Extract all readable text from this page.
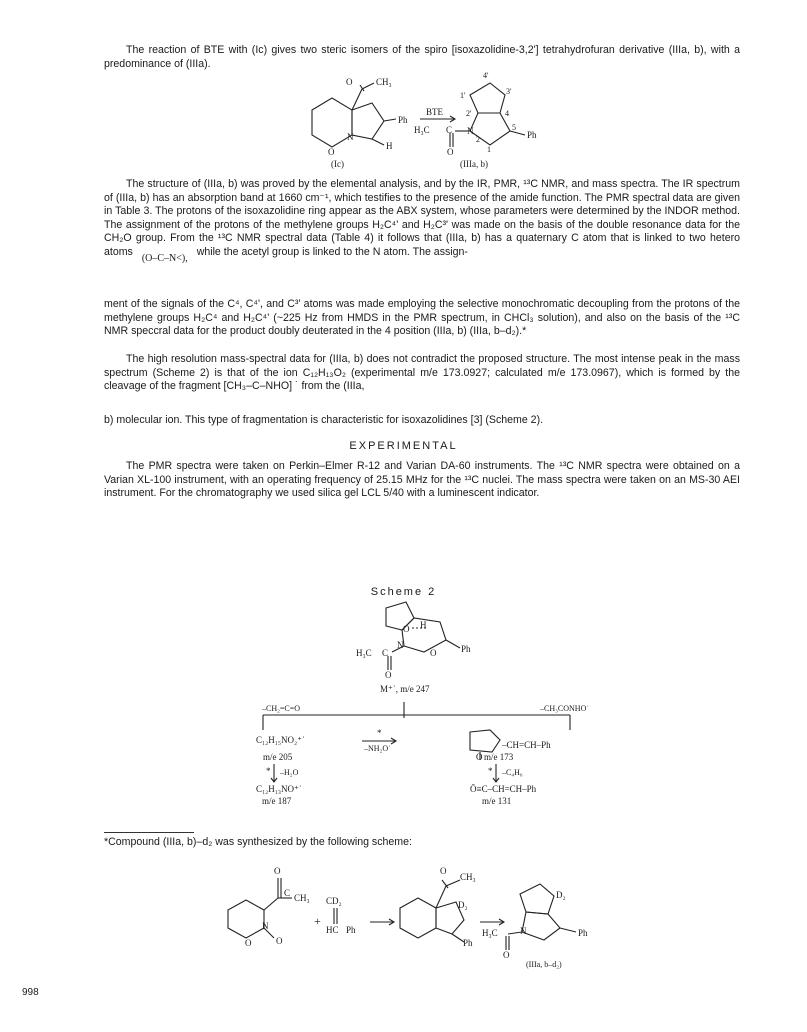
The reaction of BTE with (Ic) gives two steric isomers of the spiro [isoxazolidine-3,2'] tetrahydrofuran derivative (IIIa, b), with a predominance of (IIIa).
O	CH₃
Ph
N
O
H
BTE
H₃C C
O
N	Ph
4'
3'
1'
2'	4
5
2
1
(Ic)	(IIIa, b)
The structure of (IIIa, b) was proved by the elemental analysis, and by the IR, PMR, ¹³C NMR, and mass spectra. The IR spectrum of (IIIa, b) has an absorption band at 1660 cm⁻¹, which testifies to the presence of the amide function. The PMR spectral data are given in Table 3. The protons of the isoxazolidine ring appear as the ABX system, whose parameters were determined by the INDOR method. The assignment of the protons of the methylene groups H₂C⁴' and H₂C³' was made on the basis of the double resonance data for the CH₂O group. From the ¹³C NMR spectral data (Table 4) it follows that (IIIa, b) has a quaternary C atom that is linked to two hetero atoms (O–C–N<), while the acetyl group is linked to the N atom. The assign-
ment of the signals of the C⁴, C⁴', and C³' atoms was made employing the selective monochromatic decoupling from the protons of the methylene groups H₂C⁴ and H₂C⁴' (~225 Hz from HMDS in the PMR spectrum, in CHCl₃ solution), and also on the basis of the ¹³C NMR speccral data for the product doubly deuterated in the 4 position (IIIa, b) (IIIa, b–d₂).*
The high resolution mass-spectral data for (IIIa, b) does not contradict the proposed structure. The most intense peak in the mass spectrum (Scheme 2) is that of the ion C₁₂H₁₃O₂ (experimental m/e 173.0927; calculated m/e 173.0967), which is formed by the cleavage of the fragment [CH₃–C–NHO] ˙ from the (IIIa,
b) molecular ion. This type of fragmentation is characteristic for isoxazolidines [3] (Scheme 2).
EXPERIMENTAL
The PMR spectra were taken on Perkin–Elmer R-12 and Varian DA-60 instruments. The ¹³C NMR spectra were obtained on a Varian XL-100 instrument, with an operating frequency of 25.15 MHz for the ¹³C nuclei. The mass spectra were taken on an MS-30 AEI instrument. For the chromatography we used silica gel LCL 5/40 with a luminescent indicator.
Scheme 2
H
O
N
O
H₃C C
O
Ph
M⁺˙, m/e 247
–CH₂=C=O	–CH₃CONHO˙
C₁₂H₁₅NO₂⁺˙
*
–NH₂O˙	–CH=CH–Ph
O
m/e 205	m/e 173
* –H₂O	* –C₄H₆
C₁₂H₁₃NO⁺˙	Ō≡C–CH=CH–Ph
m/e 187	m/e 131
*Compound (IIIa, b)–d₂ was synthesized by the following scheme:
O
C CH₃
N
O	O
+
CD₂
HC Ph
O
CH₃
D₂
Ph
D₂
H₃C N	Ph
O
(IIIa, b–d₂)
998
